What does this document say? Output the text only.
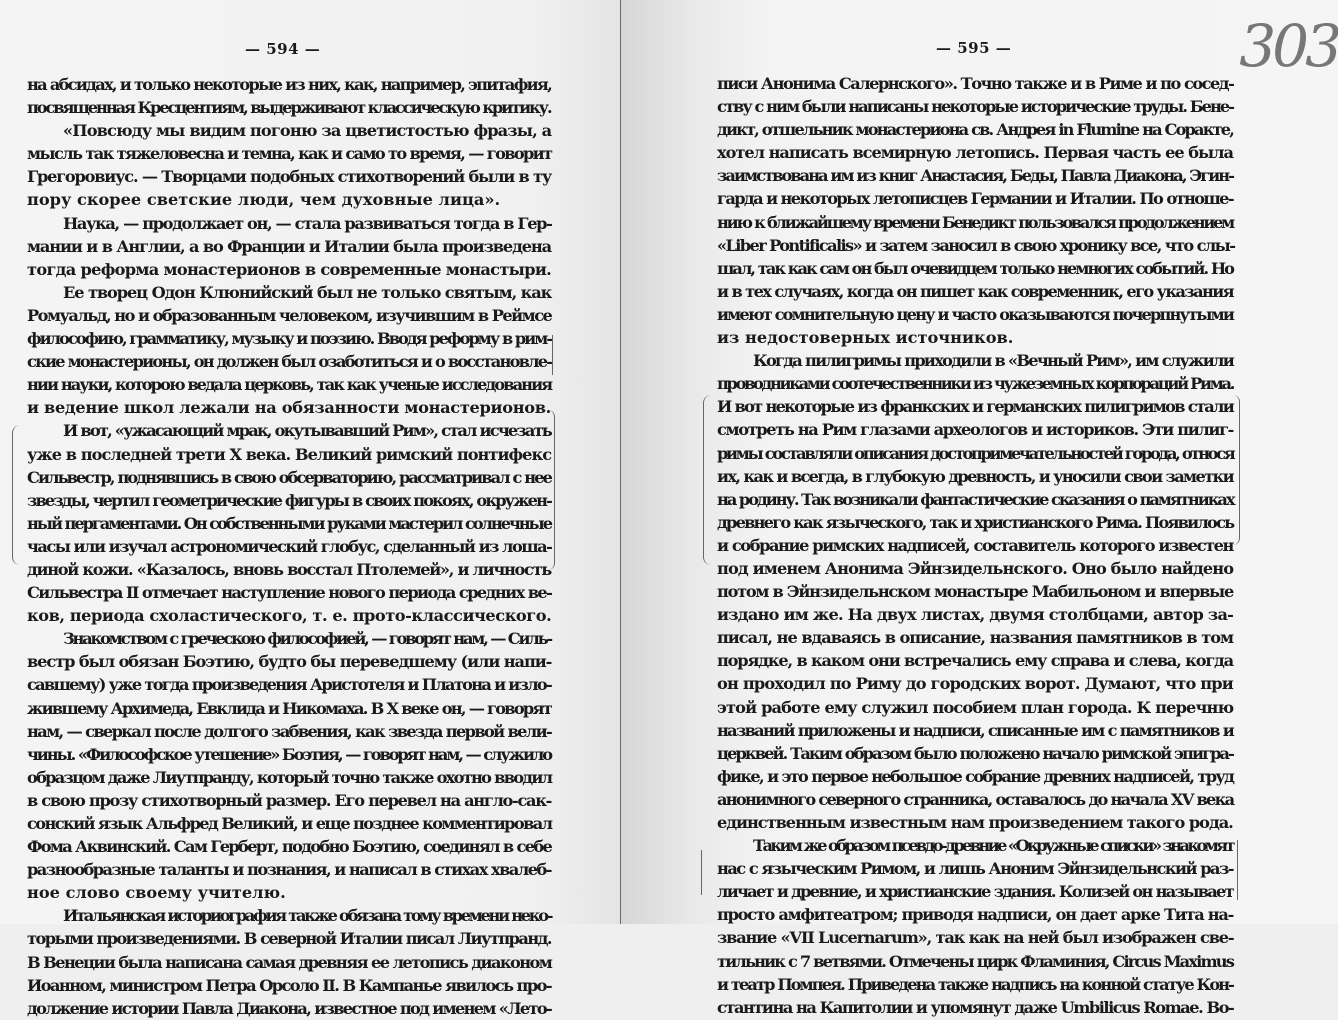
— 594 —
на абсидах, и только некоторые из них, как, например, эпитафия,
посвященная Кресцентиям, выдерживают классическую критику.
«Повсюду мы видим погоню за цветистостью фразы, а
мысль так тяжеловесна и темна, как и само то время, — говорит
Грегоровиус. — Творцами подобных стихотворений были в ту
пору скорее светские люди, чем духовные лица».
Наука, — продолжает он, — стала развиваться тогда в Гер-
мании и в Англии, а во Франции и Италии была произведена
тогда реформа монастерионов в современные монастыри.
Ее творец Одон Клюнийский был не только святым, как
Ромуальд, но и образованным человеком, изучившим в Реймсе
философию, грамматику, музыку и поэзию. Вводя реформу в рим-
ские монастерионы, он должен был озаботиться и о восстановле-
нии науки, которою ведала церковь, так как ученые исследования
и ведение школ лежали на обязанности монастерионов.
И вот, «ужасающий мрак, окутывавший Рим», стал исчезать
уже в последней трети X века. Великий римский понтифекс
Сильвестр, поднявшись в свою обсерваторию, рассматривал с нее
звезды, чертил геометрические фигуры в своих покоях, окружен-
ный пергаментами. Он собственными руками мастерил солнечные
часы или изучал астрономический глобус, сделанный из лоша-
диной кожи. «Казалось, вновь восстал Птолемей», и личность
Сильвестра II отмечает наступление нового периода средних ве-
ков, периода схоластического, т. е. прото-классического.
Знакомством с греческою философией, — говорят нам, — Силь-
вестр был обязан Боэтию, будто бы переведшему (или напи-
савшему) уже тогда произведения Аристотеля и Платона и изло-
жившему Архимеда, Евклида и Никомаха. В X веке он, — говорят
нам, — сверкал после долгого забвения, как звезда первой вели-
чины. «Философское утешение» Боэтия, — говорят нам, — служило
образцом даже Лиутпранду, который точно также охотно вводил
в свою прозу стихотворный размер. Его перевел на англо-сак-
сонский язык Альфред Великий, и еще позднее комментировал
Фома Аквинский. Сам Герберт, подобно Боэтию, соединял в себе
разнообразные таланты и познания, и написал в стихах хвалеб-
ное слово своему учителю.
Итальянская историография также обязана тому времени неко-
торыми произведениями. В северной Италии писал Лиутпранд.
В Венеции была написана самая древняя ее летопись диаконом
Иоанном, министром Петра Орсоло II. В Кампанье явилось про-
должение истории Павла Диакона, известное под именем «Лето-
— 595 —	303
писи Анонима Салернского». Точно также и в Риме и по сосед-
ству с ним были написаны некоторые исторические труды. Бене-
дикт, отшельник монастериона св. Андрея in Flumine на Соракте,
хотел написать всемирную летопись. Первая часть ее была
заимствована им из книг Анастасия, Беды, Павла Диакона, Эгин-
гарда и некоторых летописцев Германии и Италии. По отноше-
нию к ближайшему времени Бенедикт пользовался продолжением
«Liber Pontificalis» и затем заносил в свою хронику все, что слы-
шал, так как сам он был очевидцем только немногих событий. Но
и в тех случаях, когда он пишет как современник, его указания
имеют сомнительную цену и часто оказываются почерпнутыми
из недостоверных источников.
Когда пилигримы приходили в «Вечный Рим», им служили
проводниками соотечественники из чужеземных корпораций Рима.
И вот некоторые из франкских и германских пилигримов стали
смотреть на Рим глазами археологов и историков. Эти пилиг-
римы составляли описания достопримечательностей города, относя
их, как и всегда, в глубокую древность, и уносили свои заметки
на родину. Так возникали фантастические сказания о памятниках
древнего как языческого, так и христианского Рима. Появилось
и собрание римских надписей, составитель которого известен
под именем Анонима Эйнзидельнского. Оно было найдено
потом в Эйнзидельнском монастыре Мабильоном и впервые
издано им же. На двух листах, двумя столбцами, автор за-
писал, не вдаваясь в описание, названия памятников в том
порядке, в каком они встречались ему справа и слева, когда
он проходил по Риму до городских ворот. Думают, что при
этой работе ему служил пособием план города. К перечню
названий приложены и надписи, списанные им с памятников и
церквей. Таким образом было положено начало римской эпигра-
фике, и это первое небольшое собрание древних надписей, труд
анонимного северного странника, оставалось до начала XV века
единственным известным нам произведением такого рода.
Таким же образом псевдо-древние «Окружные списки» знакомят
нас с языческим Римом, и лишь Аноним Эйнзидельнский раз-
личает и древние, и христианские здания. Колизей он называет
просто амфитеатром; приводя надписи, он дает арке Тита на-
звание «VII Lucernarum», так как на ней был изображен све-
тильник с 7 ветвями. Отмечены цирк Фламиния, Circus Maximus
и театр Помпея. Приведена также надпись на конной статуе Кон-
стантина на Капитолии и упомянут даже Umbilicus Romae. Во-
